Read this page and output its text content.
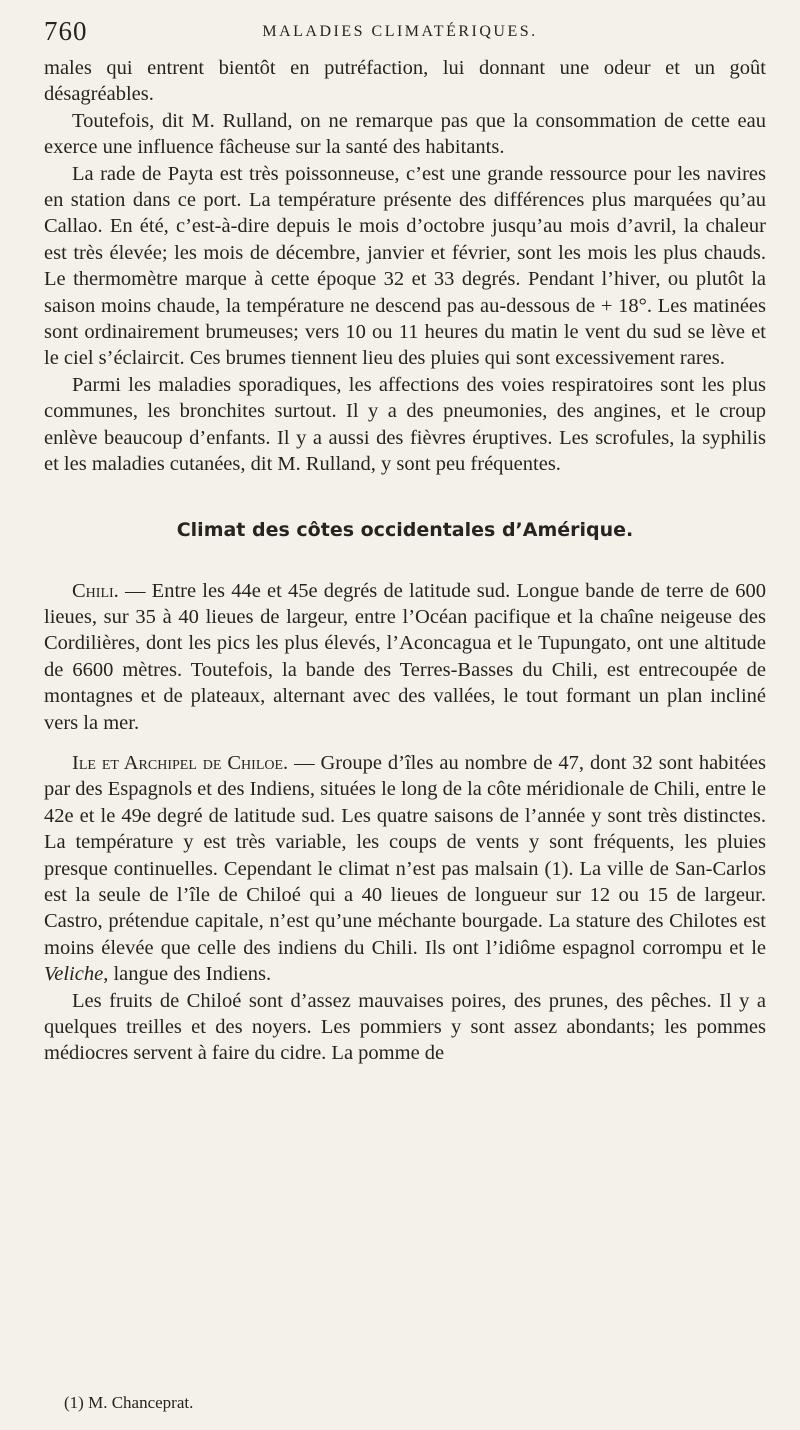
760	MALADIES CLIMATÉRIQUES.

males qui entrent bientôt en putréfaction, lui donnant une odeur et un goût désagréables.

Toutefois, dit M. Rulland, on ne remarque pas que la consommation de cette eau exerce une influence fâcheuse sur la santé des habitants.

La rade de Payta est très poissonneuse, c’est une grande ressource pour les navires en station dans ce port. La température présente des différences plus marquées qu’au Callao. En été, c’est-à-dire depuis le mois d’octobre jusqu’au mois d’avril, la chaleur est très élevée; les mois de décembre, janvier et février, sont les mois les plus chauds. Le thermomètre marque à cette époque 32 et 33 degrés. Pendant l’hiver, ou plutôt la saison moins chaude, la température ne descend pas au-dessous de + 18°. Les matinées sont ordinairement brumeuses; vers 10 ou 11 heures du matin le vent du sud se lève et le ciel s’éclaircit. Ces brumes tiennent lieu des pluies qui sont excessivement rares.

Parmi les maladies sporadiques, les affections des voies respiratoires sont les plus communes, les bronchites surtout. Il y a des pneumonies, des angines, et le croup enlève beaucoup d’enfants. Il y a aussi des fièvres éruptives. Les scrofules, la syphilis et les maladies cutanées, dit M. Rulland, y sont peu fréquentes.

Climat des côtes occidentales d’Amérique.

Chili. — Entre les 44e et 45e degrés de latitude sud. Longue bande de terre de 600 lieues, sur 35 à 40 lieues de largeur, entre l’Océan pacifique et la chaîne neigeuse des Cordilières, dont les pics les plus élevés, l’Aconcagua et le Tupungato, ont une altitude de 6600 mètres. Toutefois, la bande des Terres-Basses du Chili, est entrecoupée de montagnes et de plateaux, alternant avec des vallées, le tout formant un plan incliné vers la mer.

Ile et Archipel de Chiloe. — Groupe d’îles au nombre de 47, dont 32 sont habitées par des Espagnols et des Indiens, situées le long de la côte méridionale de Chili, entre le 42e et le 49e degré de latitude sud. Les quatre saisons de l’année y sont très distinctes. La température y est très variable, les coups de vents y sont fréquents, les pluies presque continuelles. Cependant le climat n’est pas malsain (1). La ville de San-Carlos est la seule de l’île de Chiloé qui a 40 lieues de longueur sur 12 ou 15 de largeur. Castro, prétendue capitale, n’est qu’une méchante bourgade. La stature des Chilotes est moins élevée que celle des indiens du Chili. Ils ont l’idiôme espagnol corrompu et le Veliche, langue des Indiens.

Les fruits de Chiloé sont d’assez mauvaises poires, des prunes, des pêches. Il y a quelques treilles et des noyers. Les pommiers y sont assez abondants; les pommes médiocres servent à faire du cidre. La pomme de

(1) M. Chanceprat.
